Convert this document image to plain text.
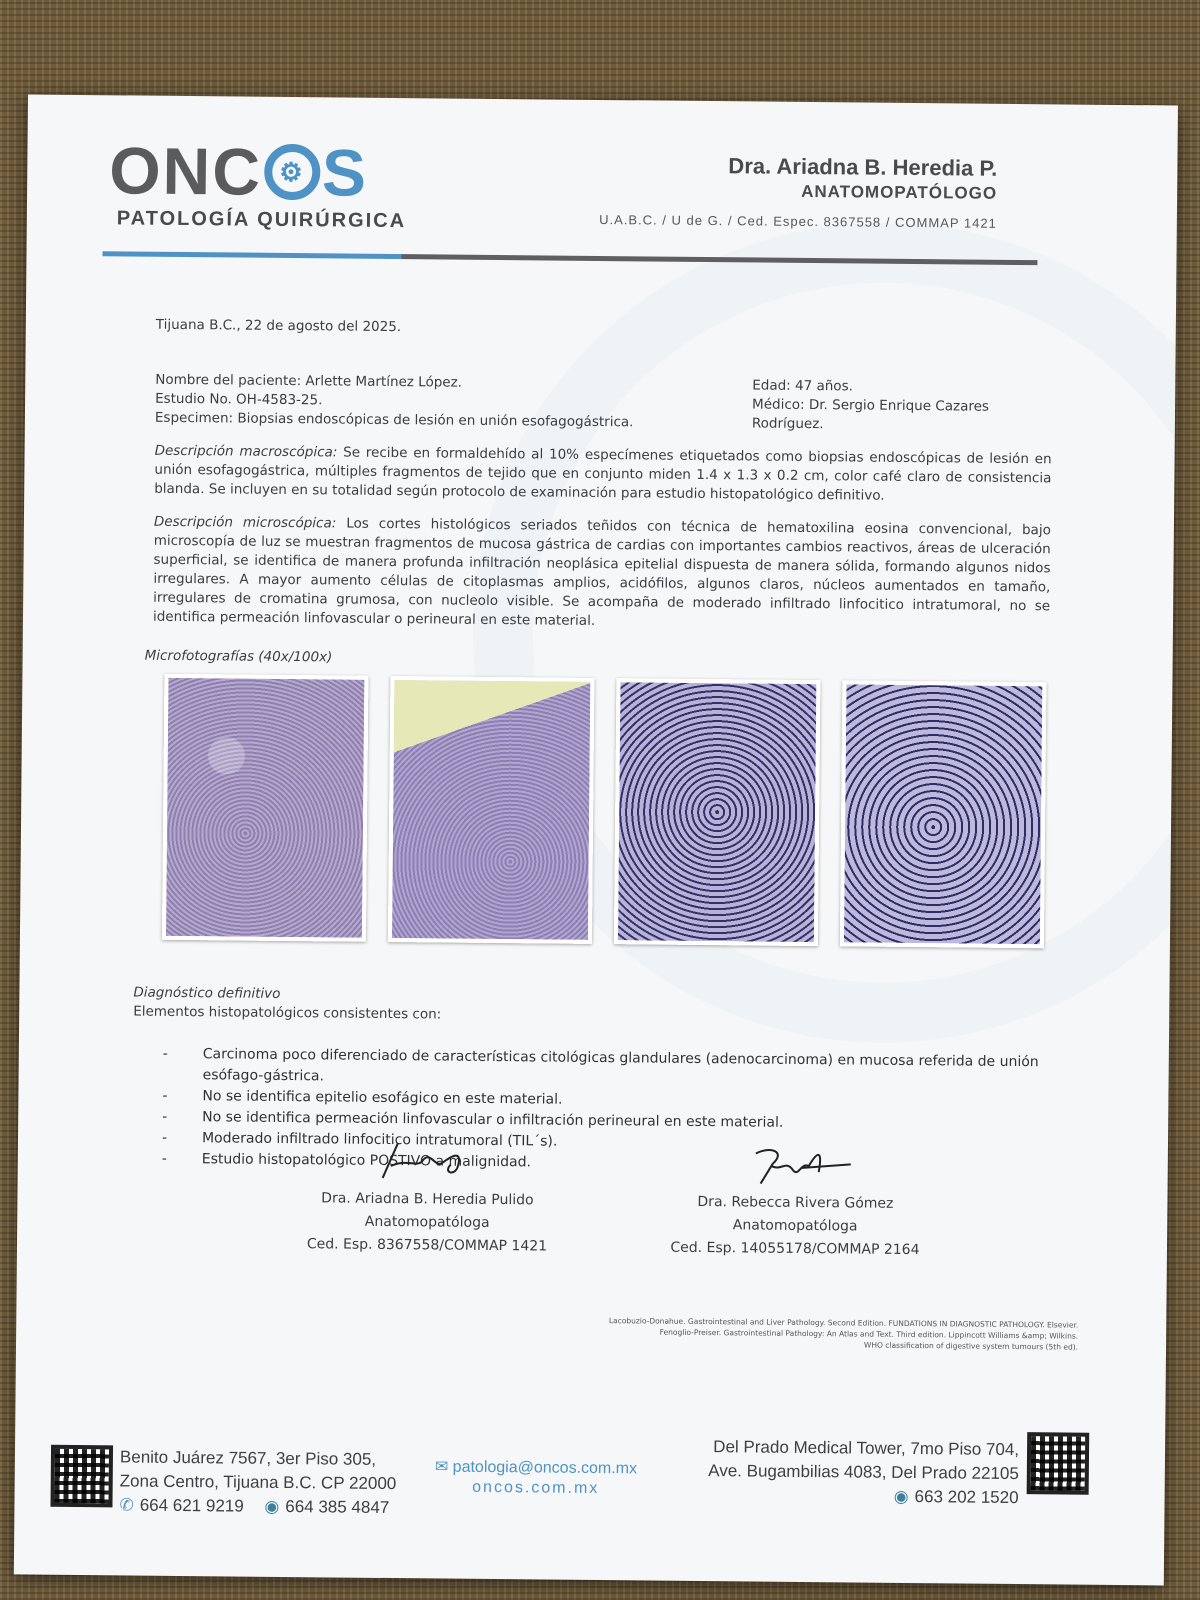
ONC ⚙ S
PATOLOGÍA QUIRÚRGICA
Dra. Ariadna B. Heredia P.
ANATOMOPATÓLOGO
U.A.B.C. / U de G. / Ced. Espec. 8367558 / COMMAP 1421
Tijuana B.C., 22 de agosto del 2025.
Nombre del paciente: Arlette Martínez López.
Estudio No. OH-4583-25.
Especimen: Biopsias endoscópicas de lesión en unión esofagogástrica.
Edad: 47 años.
Médico: Dr. Sergio Enrique Cazares Rodríguez.

Descripción macroscópica: Se recibe en formaldehído al 10% especímenes etiquetados como biopsias endoscópicas de lesión en unión esofagogástrica, múltiples fragmentos de tejido que en conjunto miden 1.4 x 1.3 x 0.2 cm, color café claro de consistencia blanda. Se incluyen en su totalidad según protocolo de examinación para estudio histopatológico definitivo.

Descripción microscópica: Los cortes histológicos seriados teñidos con técnica de hematoxilina eosina convencional, bajo microscopía de luz se muestran fragmentos de mucosa gástrica de cardias con importantes cambios reactivos, áreas de ulceración superficial, se identifica de manera profunda infiltración neoplásica epitelial dispuesta de manera sólida, formando algunos nidos irregulares. A mayor aumento células de citoplasmas amplios, acidófilos, algunos claros, núcleos aumentados en tamaño, irregulares de cromatina grumosa, con nucleolo visible. Se acompaña de moderado infiltrado linfocitico intratumoral, no se identifica permeación linfovascular o perineural en este material.

Microfotografías (40x/100x)
Diagnóstico definitivo
Elementos histopatológicos consistentes con:
- Carcinoma poco diferenciado de características citológicas glandulares (adenocarcinoma) en mucosa referida de unión esófago-gástrica.
- No se identifica epitelio esofágico en este material.
- No se identifica permeación linfovascular o infiltración perineural en este material.
- Moderado infiltrado linfocitico intratumoral (TIL´s).
- Estudio histopatológico POSTIVO a malignidad.
Dra. Ariadna B. Heredia Pulido
Anatomopatóloga
Ced. Esp. 8367558/COMMAP 1421
Dra. Rebecca Rivera Gómez
Anatomopatóloga
Ced. Esp. 14055178/COMMAP 2164
Lacobuzio-Donahue. Gastrointestinal and Liver Pathology. Second Edition. FUNDATIONS IN DIAGNOSTIC PATHOLOGY. Elsevier.
Fenoglio-Preiser. Gastrointestinal Pathology: An Atlas and Text. Third edition. Lippincott Williams &amp; Wilkins.
WHO classification of digestive system tumours (5th ed).
Benito Juárez 7567, 3er Piso 305,
Zona Centro, Tijuana B.C. CP 22000
✆ 664 621 9219 ◉ 664 385 4847
✉ patologia@oncos.com.mx
oncos.com.mx
Del Prado Medical Tower, 7mo Piso 704,
Ave. Bugambilias 4083, Del Prado 22105
◉ 663 202 1520
